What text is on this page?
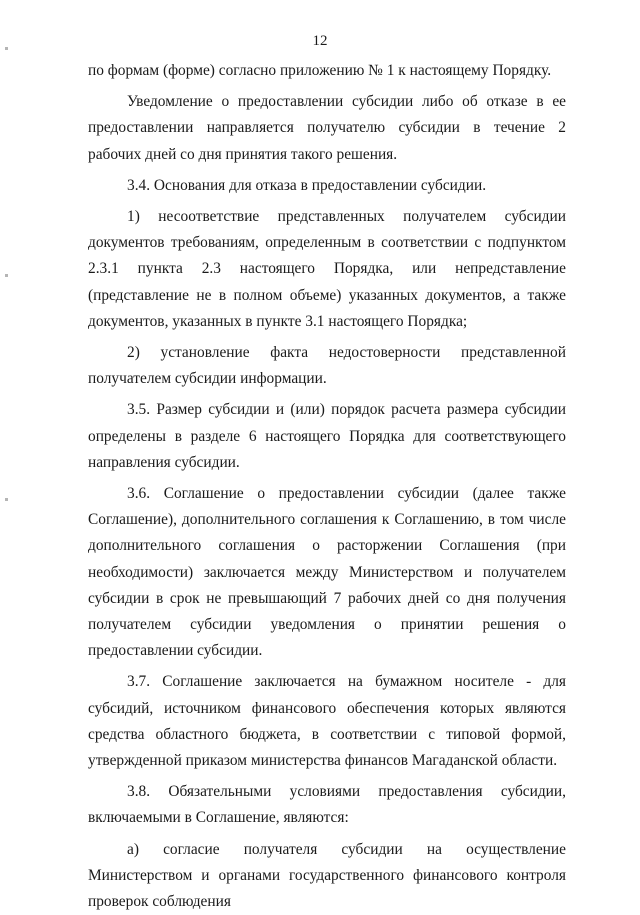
12

по формам (форме) согласно приложению № 1 к настоящему Порядку.

Уведомление о предоставлении субсидии либо об отказе в ее предоставлении направляется получателю субсидии в течение 2 рабочих дней со дня принятия такого решения.

3.4. Основания для отказа в предоставлении субсидии.

1) несоответствие представленных получателем субсидии документов требованиям, определенным в соответствии с подпунктом 2.3.1 пункта 2.3 настоящего Порядка, или непредставление (представление не в полном объеме) указанных документов, а также документов, указанных в пункте 3.1 настоящего Порядка;

2) установление факта недостоверности представленной получателем субсидии информации.

3.5. Размер субсидии и (или) порядок расчета размера субсидии определены в разделе 6 настоящего Порядка для соответствующего направления субсидии.

3.6. Соглашение о предоставлении субсидии (далее также Соглашение), дополнительного соглашения к Соглашению, в том числе дополнительного соглашения о расторжении Соглашения (при необходимости) заключается между Министерством и получателем субсидии в срок не превышающий 7 рабочих дней со дня получения получателем субсидии уведомления о принятии решения о предоставлении субсидии.

3.7. Соглашение заключается на бумажном носителе - для субсидий, источником финансового обеспечения которых являются средства областного бюджета, в соответствии с типовой формой, утвержденной приказом министерства финансов Магаданской области.

3.8. Обязательными условиями предоставления субсидии, включаемыми в Соглашение, являются:

а) согласие получателя субсидии на осуществление Министерством и органами государственного финансового контроля проверок соблюдения
